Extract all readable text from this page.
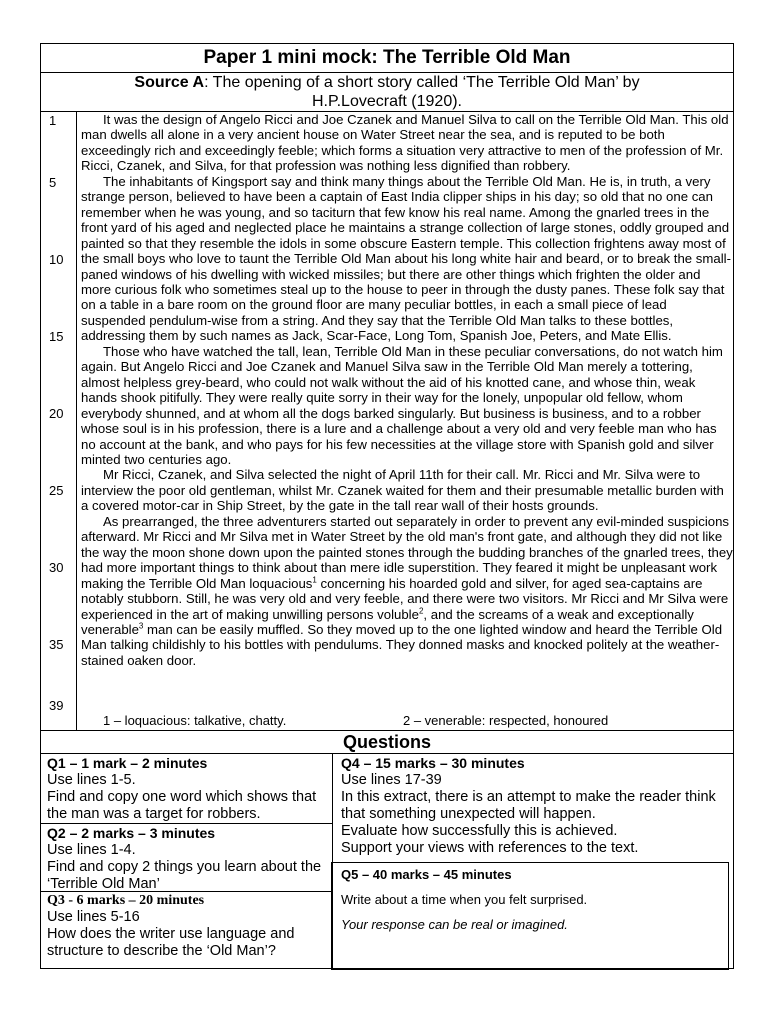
Paper 1 mini mock: The Terrible Old Man
Source A: The opening of a short story called ‘The Terrible Old Man’ by
H.P.Lovecraft (1920).
1
5
10
15
20
25
30
35
39

It was the design of Angelo Ricci and Joe Czanek and Manuel Silva to call on the Terrible Old Man. This old man dwells all alone in a very ancient house on Water Street near the sea, and is reputed to be both exceedingly rich and exceedingly feeble; which forms a situation very attractive to men of the profession of Mr. Ricci, Czanek, and Silva, for that profession was nothing less dignified than robbery.

The inhabitants of Kingsport say and think many things about the Terrible Old Man. He is, in truth, a very strange person, believed to have been a captain of East India clipper ships in his day; so old that no one can remember when he was young, and so taciturn that few know his real name. Among the gnarled trees in the front yard of his aged and neglected place he maintains a strange collection of large stones, oddly grouped and painted so that they resemble the idols in some obscure Eastern temple. This collection frightens away most of the small boys who love to taunt the Terrible Old Man about his long white hair and beard, or to break the small-paned windows of his dwelling with wicked missiles; but there are other things which frighten the older and more curious folk who sometimes steal up to the house to peer in through the dusty panes. These folk say that on a table in a bare room on the ground floor are many peculiar bottles, in each a small piece of lead suspended pendulum-wise from a string. And they say that the Terrible Old Man talks to these bottles, addressing them by such names as Jack, Scar-Face, Long Tom, Spanish Joe, Peters, and Mate Ellis.

Those who have watched the tall, lean, Terrible Old Man in these peculiar conversations, do not watch him again. But Angelo Ricci and Joe Czanek and Manuel Silva saw in the Terrible Old Man merely a tottering, almost helpless grey-beard, who could not walk without the aid of his knotted cane, and whose thin, weak hands shook pitifully. They were really quite sorry in their way for the lonely, unpopular old fellow, whom everybody shunned, and at whom all the dogs barked singularly. But business is business, and to a robber whose soul is in his profession, there is a lure and a challenge about a very old and very feeble man who has no account at the bank, and who pays for his few necessities at the village store with Spanish gold and silver minted two centuries ago.

Mr Ricci, Czanek, and Silva selected the night of April 11th for their call. Mr. Ricci and Mr. Silva were to interview the poor old gentleman, whilst Mr. Czanek waited for them and their presumable metallic burden with a covered motor-car in Ship Street, by the gate in the tall rear wall of their hosts grounds.

As prearranged, the three adventurers started out separately in order to prevent any evil-minded suspicions afterward. Mr Ricci and Mr Silva met in Water Street by the old man's front gate, and although they did not like the way the moon shone down upon the painted stones through the budding branches of the gnarled trees, they had more important things to think about than mere idle superstition. They feared it might be unpleasant work making the Terrible Old Man loquacious$^1$ concerning his hoarded gold and silver, for aged sea-captains are notably stubborn. Still, he was very old and very feeble, and there were two visitors. Mr Ricci and Mr Silva were experienced in the art of making unwilling persons voluble$^2$, and the screams of a weak and exceptionally venerable$^3$ man can be easily muffled. So they moved up to the one lighted window and heard the Terrible Old Man talking childishly to his bottles with pendulums. They donned masks and knocked politely at the weather-stained oaken door.

1 – loquacious: talkative, chatty.	2 – venerable: respected, honoured
Questions
Q1 – 1 mark – 2 minutes
Use lines 1-5.
Find and copy one word which shows that the man was a target for robbers.
Q2 – 2 marks – 3 minutes
Use lines 1-4.
Find and copy 2 things you learn about the ‘Terrible Old Man’
Q3 - 6 marks – 20 minutes
Use lines 5-16
How does the writer use language and structure to describe the ‘Old Man’?
Q4 – 15 marks – 30 minutes
Use lines 17-39
In this extract, there is an attempt to make the reader think that something unexpected will happen.
Evaluate how successfully this is achieved.
Support your views with references to the text.
Q5 – 40 marks – 45 minutes

Write about a time when you felt surprised.

Your response can be real or imagined.
